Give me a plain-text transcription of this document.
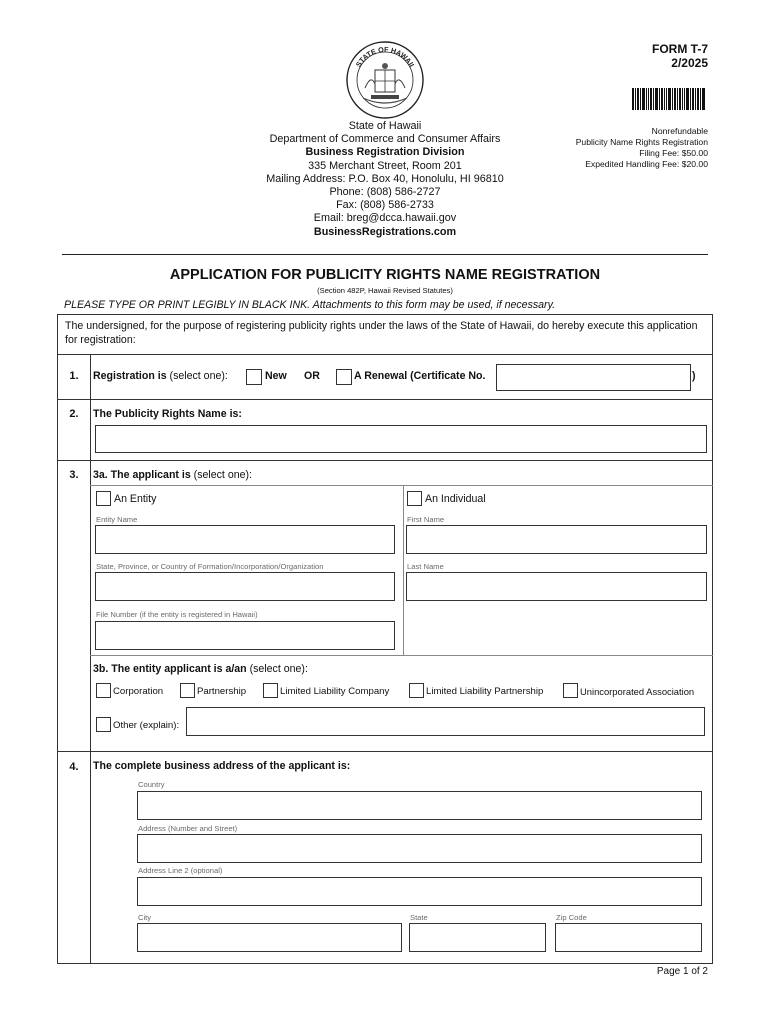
STATE OF HAWAII
FORM T-7
2/2025
Nonrefundable
Publicity Name Rights Registration
Filing Fee: $50.00
Expedited Handling Fee: $20.00
State of Hawaii
Department of Commerce and Consumer Affairs
Business Registration Division
335 Merchant Street, Room 201
Mailing Address: P.O. Box 40, Honolulu, HI 96810
Phone: (808) 586-2727
Fax: (808) 586-2733
Email: breg@dcca.hawaii.gov
BusinessRegistrations.com
APPLICATION FOR PUBLICITY RIGHTS NAME REGISTRATION
(Section 482P, Hawaii Revised Statutes)
PLEASE TYPE OR PRINT LEGIBLY IN BLACK INK. Attachments to this form may be used, if necessary.
The undersigned, for the purpose of registering publicity rights under the laws of the State of Hawaii, do hereby execute this application for registration:
1.	Registration is (select one):	New OR	A Renewal (Certificate No.	)
2.	The Publicity Rights Name is:
3.	3a. The applicant is (select one):
An Entity	An Individual
Entity Name
State, Province, or Country of Formation/Incorporation/Organization
File Number (if the entity is registered in Hawaii)
First Name
Last Name
3b. The entity applicant is a/an (select one):
Corporation	Partnership	Limited Liability Company	Limited Liability Partnership	Unincorporated Association
Other (explain):
4.	The complete business address of the applicant is:
Country
Address (Number and Street)
Address Line 2 (optional)
City	State	Zip Code
Page 1 of 2
